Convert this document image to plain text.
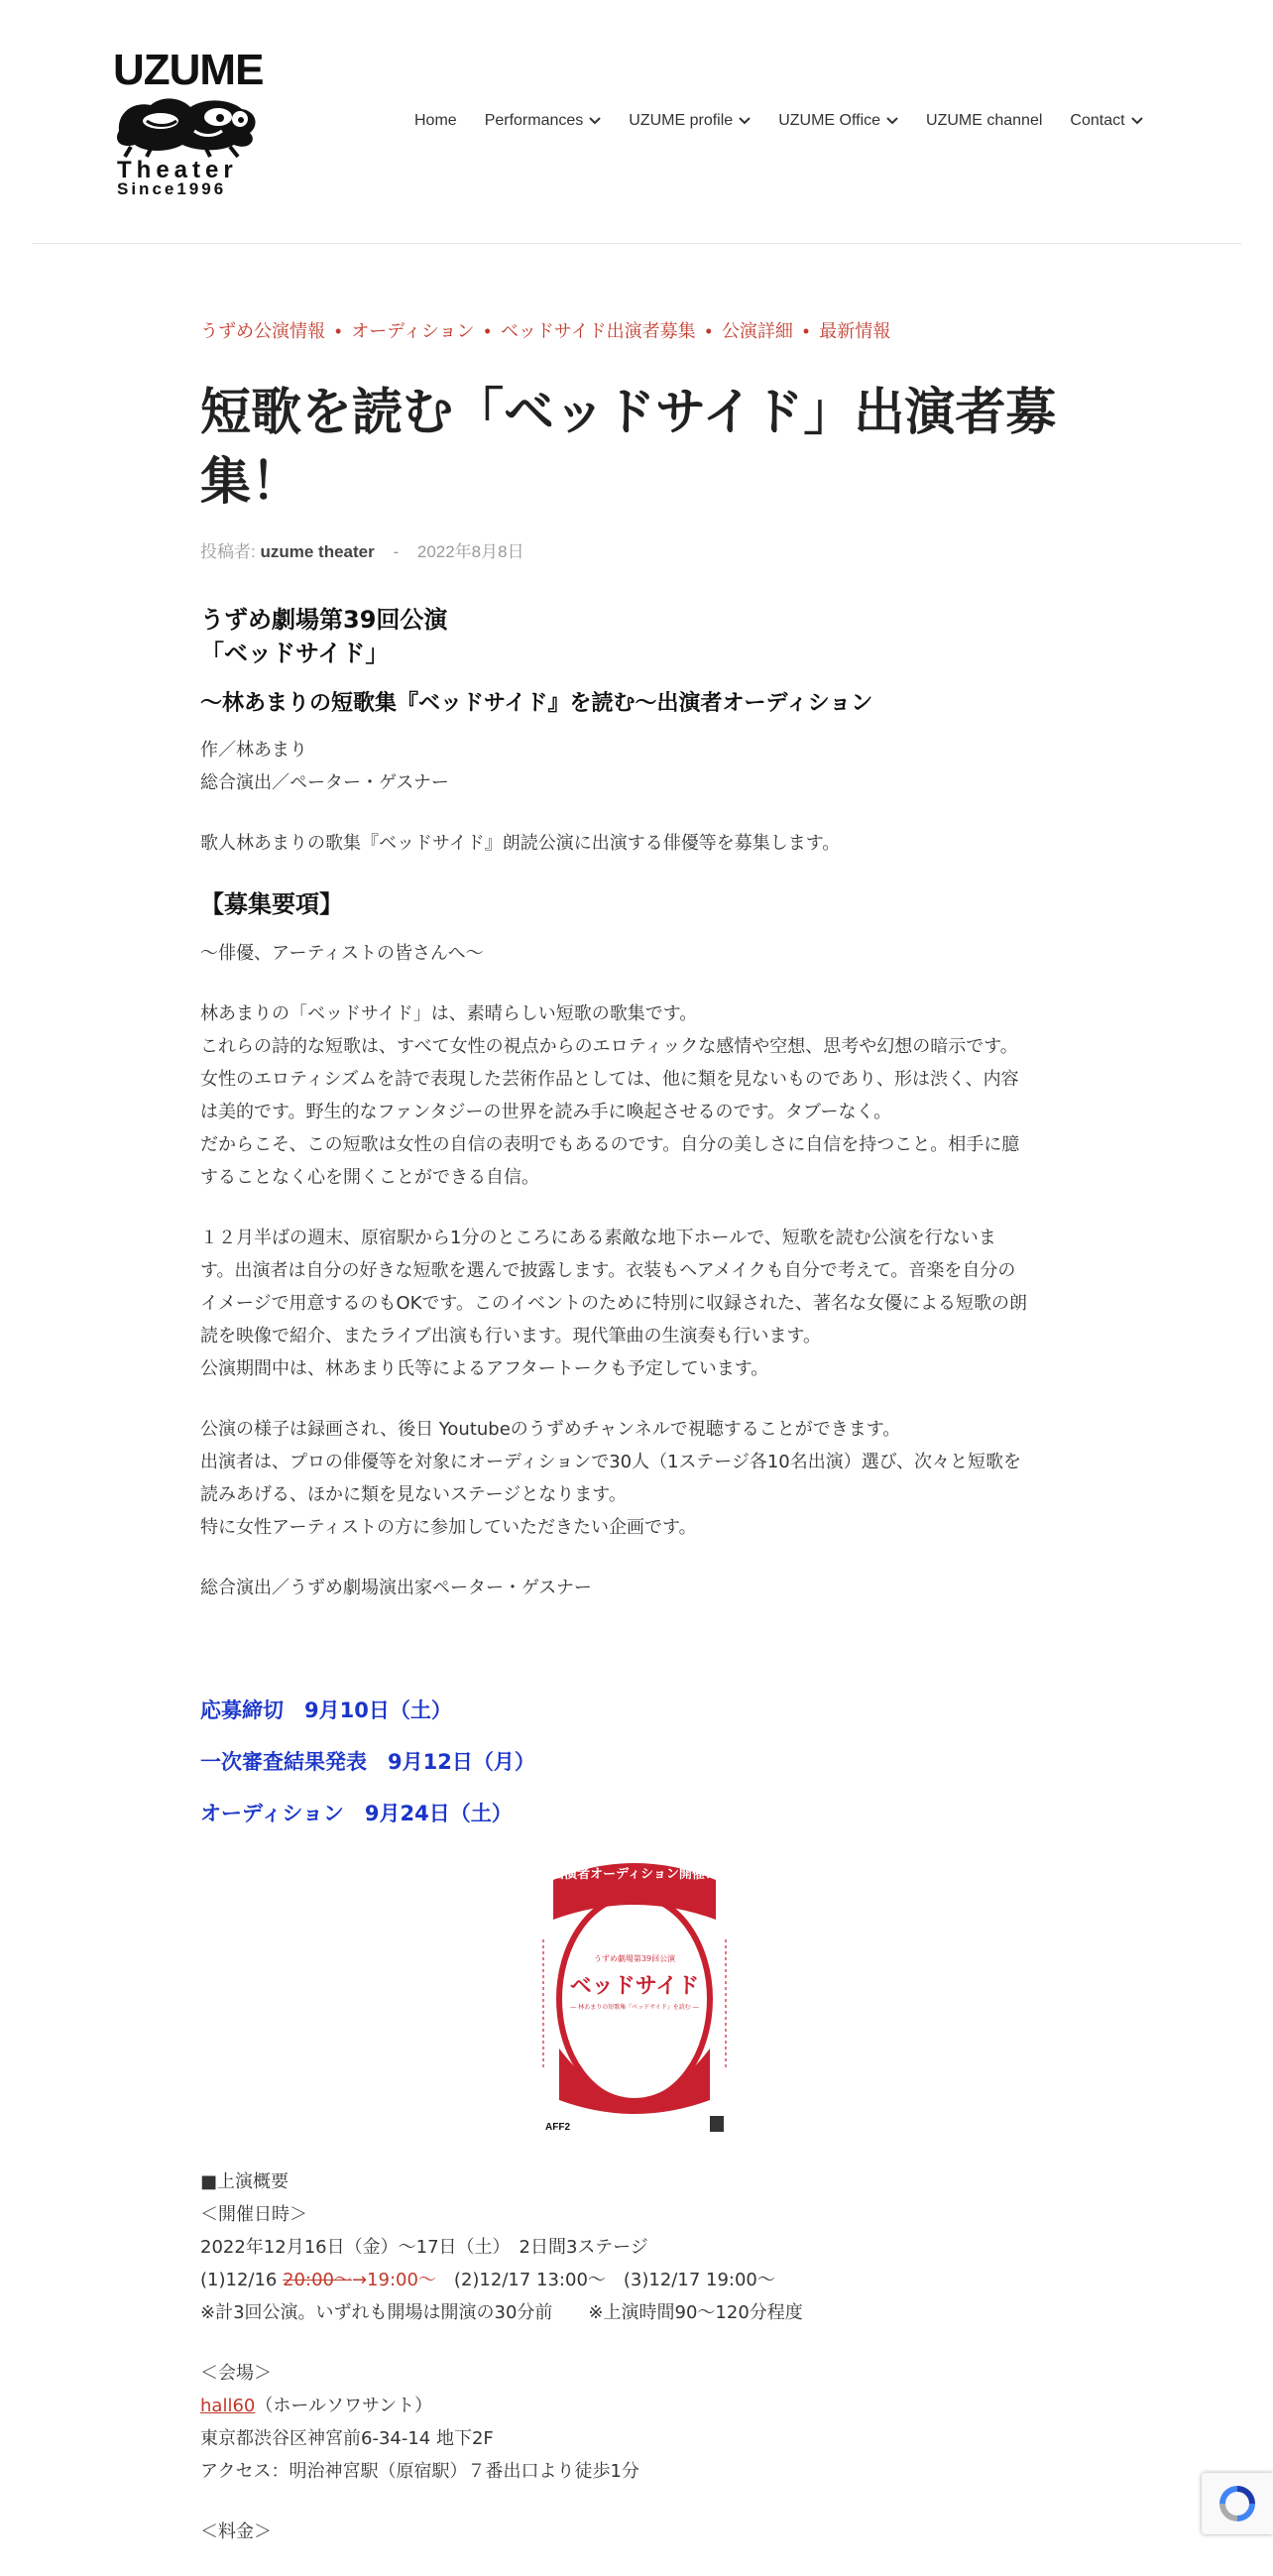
UZUME
Theater
Since1996
Home Performances	UZUME profile	UZUME Office	UZUME channel Contact
うずめ公演情報 • オーディション • ベッドサイド出演者募集 • 公演詳細 • 最新情報
短歌を読む「ベッドサイド」出演者募集！
投稿者: uzume theater - 2022年8月8日
うずめ劇場第39回公演
「ベッドサイド」
～林あまりの短歌集『ベッドサイド』を読む～出演者オーディション
作／林あまり
総合演出／ペーター・ゲスナー
歌人林あまりの歌集『ベッドサイド』朗読公演に出演する俳優等を募集します。
【募集要項】
～俳優、アーティストの皆さんへ～
林あまりの「ベッドサイド」は、素晴らしい短歌の歌集です。
これらの詩的な短歌は、すべて女性の視点からのエロティックな感情や空想、思考や幻想の暗示です。
女性のエロティシズムを詩で表現した芸術作品としては、他に類を見ないものであり、形は渋く、内容
は美的です。野生的なファンタジーの世界を読み手に喚起させるのです。タブーなく。
だからこそ、この短歌は女性の自信の表明でもあるのです。自分の美しさに自信を持つこと。相手に臆
することなく心を開くことができる自信。
１２月半ばの週末、原宿駅から1分のところにある素敵な地下ホールで、短歌を読む公演を行ないま
す。出演者は自分の好きな短歌を選んで披露します。衣装もヘアメイクも自分で考えて。音楽を自分の
イメージで用意するのもOKです。このイベントのために特別に収録された、著名な女優による短歌の朗
読を映像で紹介、またライブ出演も行います。現代筆曲の生演奏も行います。
公演期間中は、林あまり氏等によるアフタートークも予定しています。
公演の様子は録画され、後日 Youtubeのうずめチャンネルで視聴することができます。
出演者は、プロの俳優等を対象にオーディションで30人（1ステージ各10名出演）選び、次々と短歌を
読みあげる、ほかに類を見ないステージとなります。
特に女性アーティストの方に参加していただきたい企画です。
総合演出／うずめ劇場演出家ペーター・ゲスナー
応募締切　9月10日（土）
一次審査結果発表　9月12日（月）
オーディション　9月24日（土）
出演者オーディション開催！
うずめ劇場第39回公演
ベッドサイド
― 林あまりの短歌集『ベッドサイド』を読む ―
AFF2
■上演概要
＜開催日時＞
2022年12月16日（金）～17日（土）　2日間3ステージ
(1)12/16 20:00～→19:00～　(2)12/17 13:00～　(3)12/17 19:00～
※計3回公演。いずれも開場は開演の30分前　　※上演時間90～120分程度
＜会場＞
hall60（ホールソワサント）
東京都渋谷区神宮前6-34-14 地下2F
アクセス：明治神宮駅（原宿駅）７番出口より徒歩1分
＜料金＞
